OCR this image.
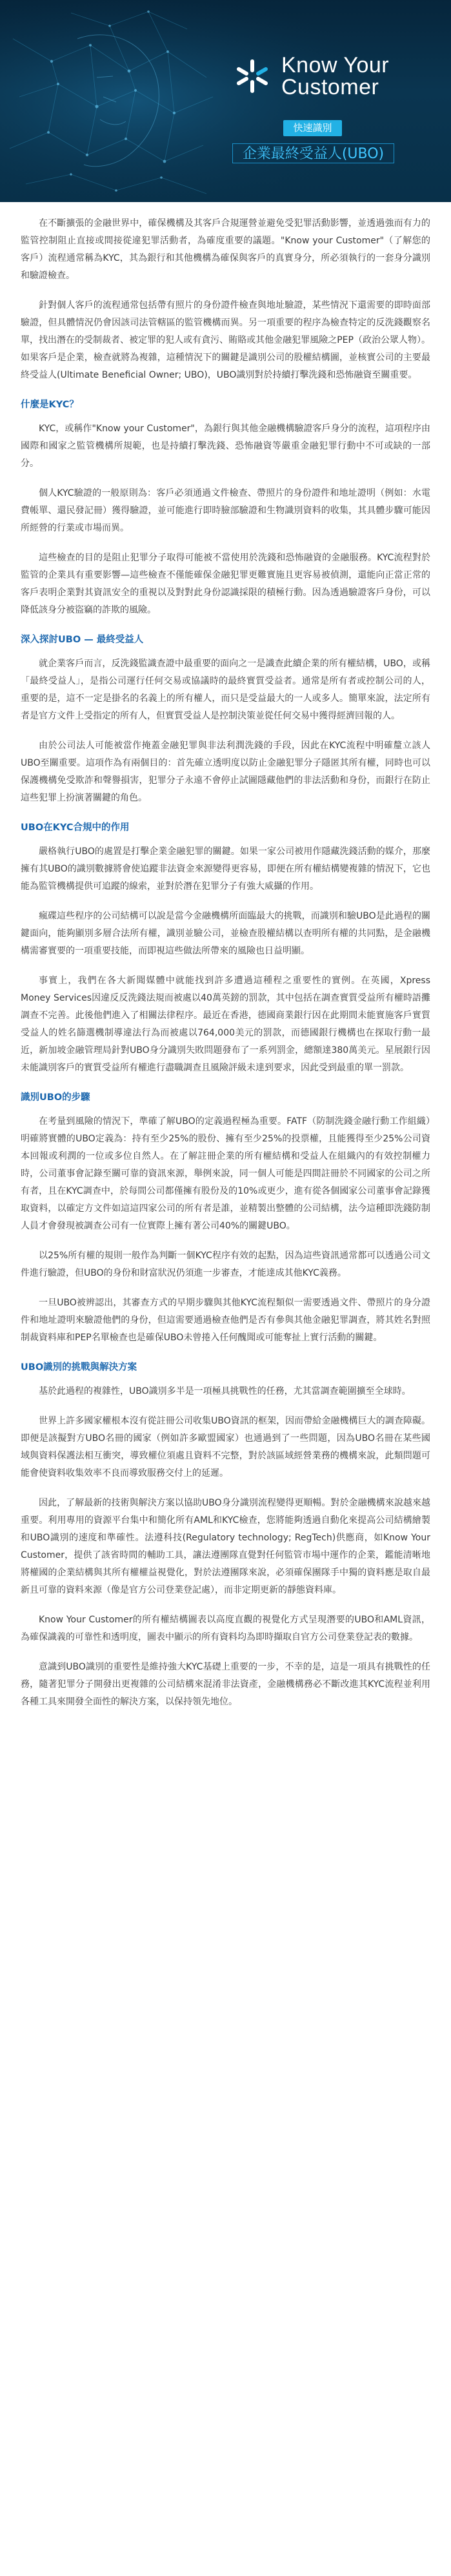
Know Your
Customer
快速識別
企業最終受益人(UBO)

在不斷擴張的金融世界中，確保機構及其客戶合規運營並避免受犯罪活動影響，並透過強而有力的監管控制阻止直接或間接從違犯罪活動者，為確度重要的議題。"Know your Customer"（了解您的客戶）流程通常稱為KYC，其為銀行和其他機構為確保與客戶的真實身分，所必須執行的一套身分識別和驗證檢查。

針對個人客戶的流程通常包括帶有照片的身份證件檢查與地址驗證，某些情況下還需要的即時面部驗證，但具體情況仍會因該司法管轄區的監管機構而異。另一項重要的程序為檢查特定的反洗錢觀察名單，找出潛在的受制裁者、被定罪的犯人或有貪污、賄賂或其他金融犯罪風險之PEP（政治公眾人物）。如果客戶是企業，檢查就將為複雜，這種情況下的關鍵是識別公司的股權結構圖，並核實公司的主要最終受益人(Ultimate Beneficial Owner; UBO)，UBO識別對於持續打擊洗錢和恐怖融資至關重要。

什麼是KYC？

KYC，或稱作"Know your Customer"，為銀行與其他金融機構驗證客戶身分的流程，這項程序由國際和國家之監管機構所規範，也是持續打擊洗錢、恐怖融資等嚴重金融犯罪行動中不可或缺的一部分。

個人KYC驗證的一般原則為：客戶必須通過文件檢查、帶照片的身份證件和地址證明（例如：水電費帳單、還民發記冊）獲得驗證，並可能進行即時臉部驗證和生物識別資料的收集，其具體步驟可能因所經營的行業或市場而異。

這些檢查的目的是阻止犯罪分子取得可能被不當使用於洗錢和恐怖融資的金融服務。KYC流程對於監管的企業具有重要影響—這些檢查不僅能確保金融犯罪更難實施且更容易被偵測，還能向正當正常的客戶表明企業對其資訊安全的重視以及對對此身份認識採限的積極行動。因為透過驗證客戶身份，可以降低該身分被盜竊的詐欺的風險。

深入探討UBO — 最終受益人

就企業客戶而言，反洗錢監識查證中最重要的面向之一是識查此續企業的所有權結構，UBO，或稱「最終受益人」，是指公司運行任何交易或協議時的最終實質受益者。通常是所有者或控制公司的人，重要的是，這不一定是掛名的名義上的所有權人，而只是受益最大的一人或多人。簡單來說，法定所有者是官方文件上受指定的所有人，但實質受益人是控制決策並從任何交易中獲得經濟回報的人。

由於公司法人可能被當作掩蓋金融犯罪與非法利潤洗錢的手段，因此在KYC流程中明確釐立該人UBO至關重要。這項作為有兩個目的：首先確立透明度以防止金融犯罪分子隱匿其所有權，同時也可以保護機構免受欺詐和聲譽損害，犯罪分子永遠不會停止試圖隱藏他們的非法活動和身份，而銀行在防止這些犯罪上扮演著關鍵的角色。

UBO在KYC合規中的作用

嚴格執行UBO的處置是打擊企業金融犯罪的關鍵。如果一家公司被用作隱藏洗錢活動的媒介，那麼擁有其UBO的識別數據將會使追蹤非法資金來源變得更容易，即便在所有權結構變複雜的情況下，它也能為監管機構提供可追蹤的線索，並對於潛在犯罪分子有強大威攝的作用。

瘋碟這些程序的公司結構可以說是當今金融機構所面臨最大的挑戰，而識別和驗UBO是此過程的關鍵面向，能夠顯別多層合法所有權，識別並驗公司，並檢查股權結構以查明所有權的共同點，是金融機構需審實要的一項重要技能，而即視這些做法所帶來的風險也日益明顯。

事實上，我們在各大新聞媒體中就能找到許多遭過這種程之重要性的實例。在英國，Xpress Money Services因違反反洗錢法規而被處以40萬英鎊的罰款，其中包括在調查實質受益所有權時語攤調查不完善。此後他們進入了相關法律程序。最近在香港，德國商業銀行因在此期間未能實施客戶實質受益人的姓名篩選機制導違法行為而被處以764,000美元的罰款，而德國銀行機構也在探取行動一最近，新加坡金融管理局針對UBO身分識別失敗問題發布了一系列罰金，總額達380萬美元。星展銀行因未能識別客戶的實質受益所有權進行盡職調查且風險評級未達到要求，因此受到最重的單一罰款。

識別UBO的步驟

在考量到風險的情況下，準確了解UBO的定義過程極為重要。FATF（防制洗錢金融行動工作組織）明確將實體的UBO定義為：持有至少25%的股份、擁有至少25%的投票權，且能獲得至少25%公司資本回報或利潤的一位或多位自然人。在了解註冊企業的所有權結構和受益人在組織內的有效控制權力時，公司董事會記錄至關可靠的資訊來源，舉例來說，同一個人可能是四間註冊於不同國家的公司之所有者，且在KYC調查中，於每間公司都僅擁有股份及的10%或更少，進有從各個國家公司董事會記錄獲取資料，以確定方文件如這這四家公司的所有者是誰，並精製出整體的公司結構，法今這種即洗錢防制人員才會發現被調查公司有一位實際上擁有著公司40%的關鍵UBO。

以25%所有權的規則一般作為判斷一個KYC程序有效的起點，因為這些資訊通常都可以透過公司文件進行驗證，但UBO的身份和財富狀況仍須進一步審查，才能達成其他KYC義務。

一旦UBO被辨認出，其審查方式的早期步驟與其他KYC流程類似一需要透過文件、帶照片的身分證件和地址證明來驗證他們的身份，但這需要通過檢查他們是否有參與其他金融犯罪調查，將其姓名對照制裁資料庫和PEP名單檢查也是確保UBO未曾捲入任何醜聞或可能奪扯上實行活動的關鍵。

UBO識別的挑戰與解決方案

基於此過程的複雜性，UBO識別多半是一項極具挑戰性的任務，尤其當調查範圍擴至全球時。

世界上許多國家權根本沒有從註冊公司收集UBO資訊的框架，因而帶給金融機構巨大的調查障礙。即便是該擬對方UBO名冊的國家（例如許多歐盟國家）也通過到了一些問題，因為UBO名冊在某些國域與資料保護法相互衝突，導致權位須處且資料不完整，對於該區域經營業務的機構來說，此類問題可能會使資料收集效率不良而導致服務交付上的延遲。

因此，了解最新的技術與解決方案以協助UBO身分識別流程變得更順暢。對於金融機構來說越來越重要。利用專用的資源平台集中和簡化所有AML和KYC檢查，您將能夠透過自動化來提高公司結構繪製和UBO識別的速度和準確性。法遵科技(Regulatory technology; RegTech)供應商，如Know Your Customer，提供了該省時間的輔助工具，讓法遵團隊直覺對任何監管市場中運作的企業，鑑能清晰地將權國的企業結構與其所有權權益視覺化，對於法遵團隊來說，必須確保團隊手中獨的資料應是取自最新且可靠的資料來源（像是官方公司登業登記處），而非定期更新的靜態資料庫。

Know Your Customer的所有權結構圖表以高度直觀的視覺化方式呈現潛要的UBO和AML資訊，為確保識義的可靠性和透明度，圖表中顯示的所有資料均為即時擷取自官方公司登業登記表的數據。

意識到UBO識別的重要性是維持強大KYC基礎上重要的一步，不幸的是，這是一項具有挑戰性的任務，隨著犯罪分子開發出更複雜的公司結構來混淆非法資產，金融機構務必不斷改進其KYC流程並利用各種工具來開發全面性的解決方案，以保持領先地位。
